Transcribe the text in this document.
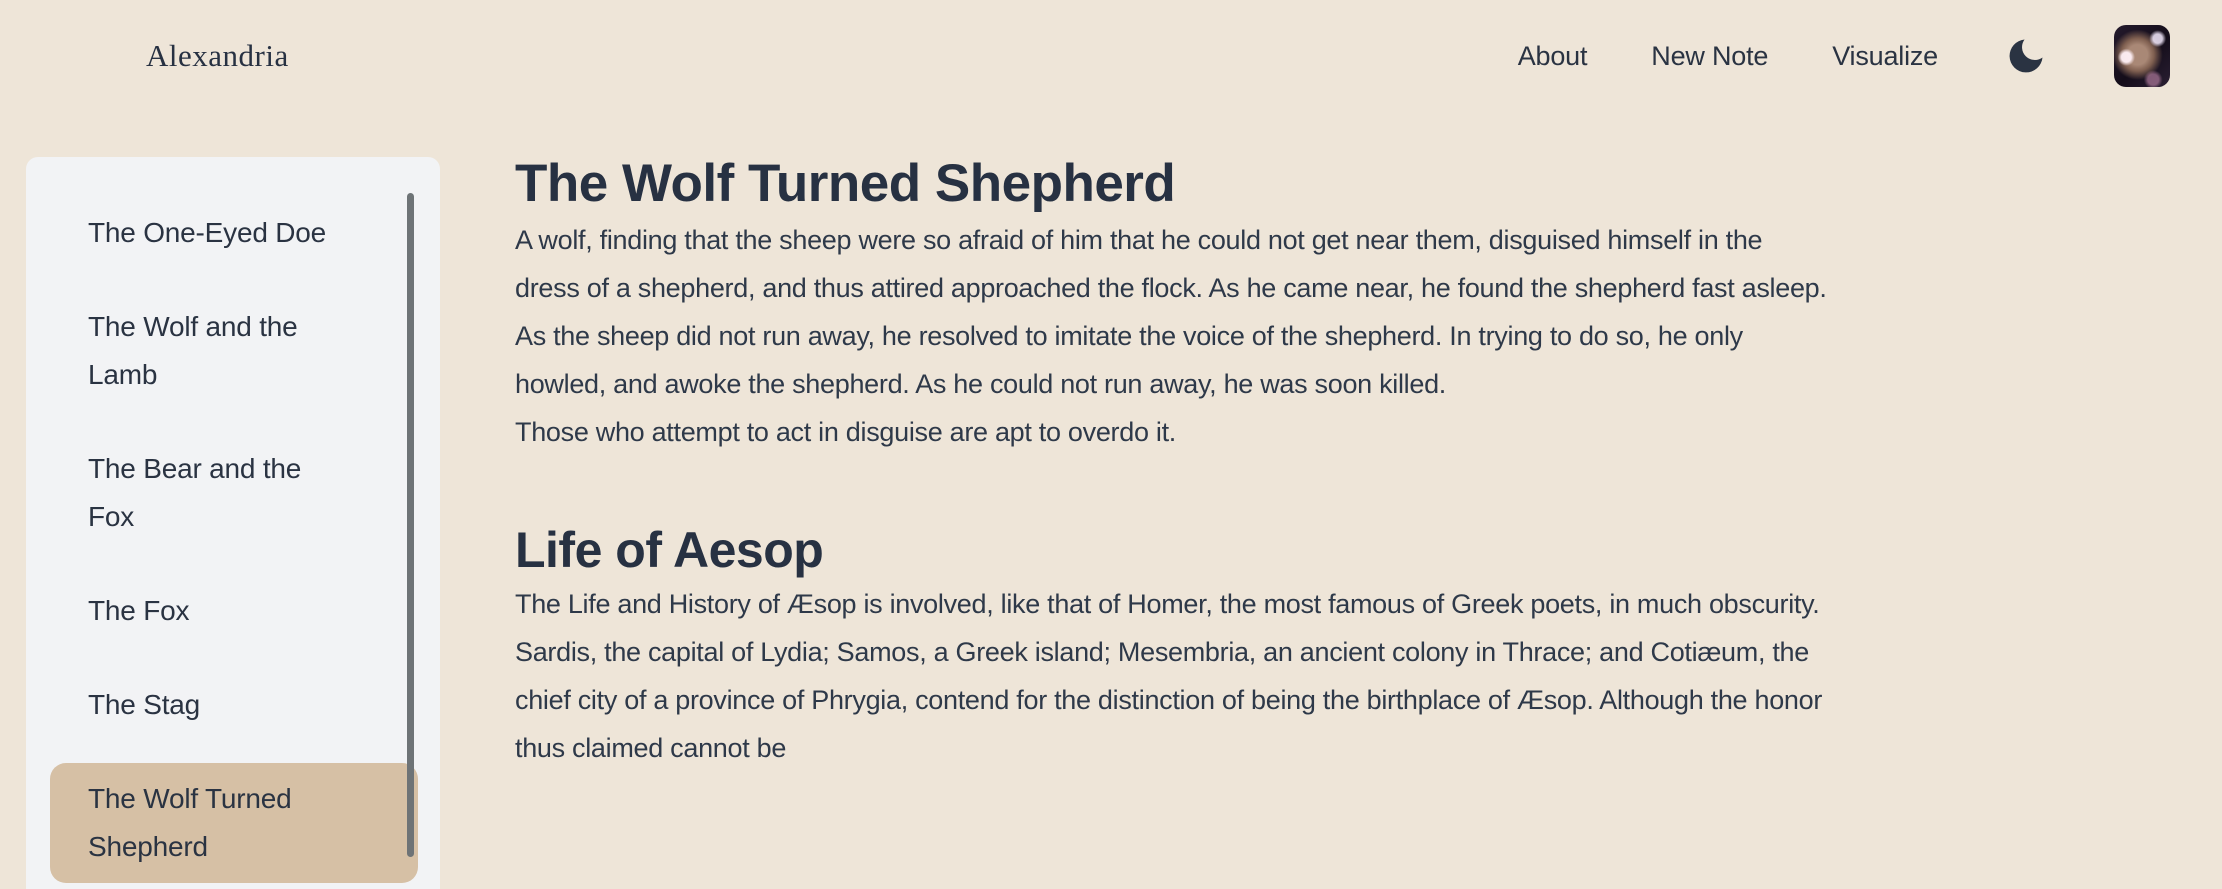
Alexandria	About New Note Visualize
The One-Eyed Doe
The Wolf and the Lamb
The Bear and the Fox
The Fox
The Stag
The Wolf Turned Shepherd
The Wolf Turned Shepherd

A wolf, finding that the sheep were so afraid of him that he could not get near them, disguised himself in the dress of a shepherd, and thus attired approached the flock. As he came near, he found the shepherd fast asleep. As the sheep did not run away, he resolved to imitate the voice of the shepherd. In trying to do so, he only howled, and awoke the shepherd. As he could not run away, he was soon killed.

Those who attempt to act in disguise are apt to overdo it.

Life of Aesop

The Life and History of Æsop is involved, like that of Homer, the most famous of Greek poets, in much obscurity. Sardis, the capital of Lydia; Samos, a Greek island; Mesembria, an ancient colony in Thrace; and Cotiæum, the chief city of a province of Phrygia, contend for the distinction of being the birthplace of Æsop. Although the honor thus claimed cannot be
